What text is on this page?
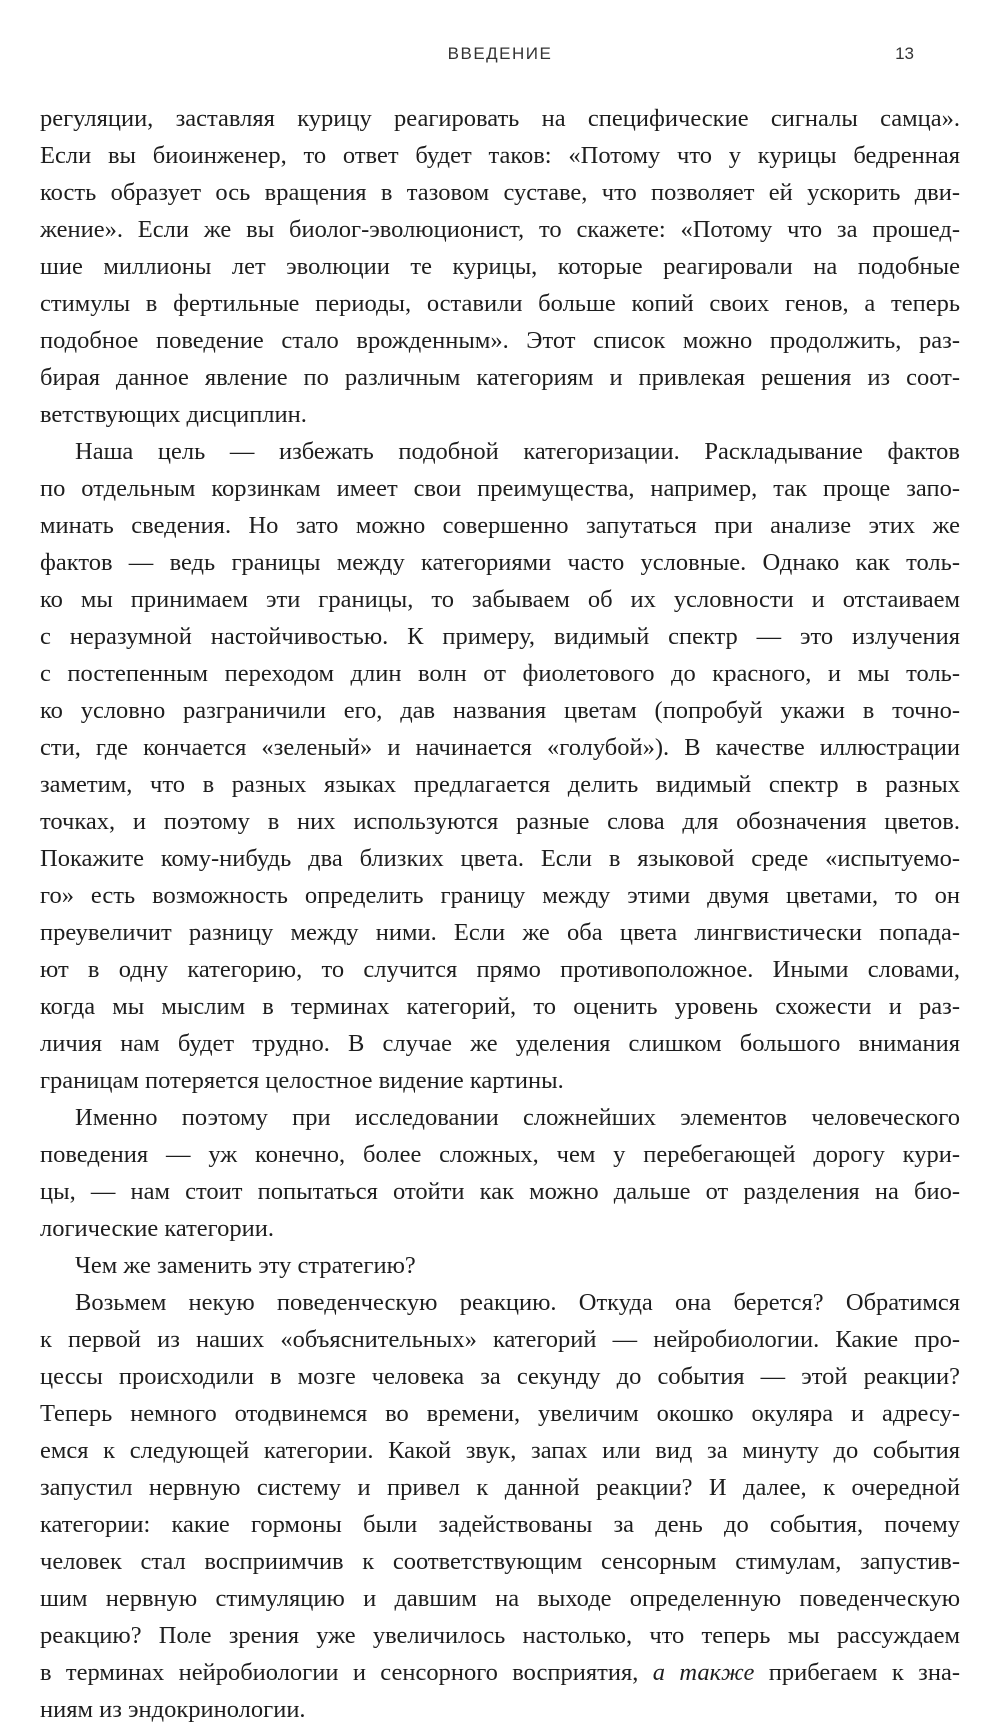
ВВЕДЕНИЕ	13
регуляции, заставляя курицу реагировать на специфические сигналы самца».
Если вы биоинженер, то ответ будет таков: «Потому что у курицы бедренная
кость образует ось вращения в тазовом суставе, что позволяет ей ускорить дви-
жение». Если же вы биолог-эволюционист, то скажете: «Потому что за прошед-
шие миллионы лет эволюции те курицы, которые реагировали на подобные
стимулы в фертильные периоды, оставили больше копий своих генов, а теперь
подобное поведение стало врожденным». Этот список можно продолжить, раз-
бирая данное явление по различным категориям и привлекая решения из соот-
ветствующих дисциплин.
Наша цель — избежать подобной категоризации. Раскладывание фактов
по отдельным корзинкам имеет свои преимущества, например, так проще запо-
минать сведения. Но зато можно совершенно запутаться при анализе этих же
фактов — ведь границы между категориями часто условные. Однако как толь-
ко мы принимаем эти границы, то забываем об их условности и отстаиваем
с неразумной настойчивостью. К примеру, видимый спектр — это излучения
с постепенным переходом длин волн от фиолетового до красного, и мы толь-
ко условно разграничили его, дав названия цветам (попробуй укажи в точно-
сти, где кончается «зеленый» и начинается «голубой»). В качестве иллюстрации
заметим, что в разных языках предлагается делить видимый спектр в разных
точках, и поэтому в них используются разные слова для обозначения цветов.
Покажите кому-нибудь два близких цвета. Если в языковой среде «испытуемо-
го» есть возможность определить границу между этими двумя цветами, то он
преувеличит разницу между ними. Если же оба цвета лингвистически попада-
ют в одну категорию, то случится прямо противоположное. Иными словами,
когда мы мыслим в терминах категорий, то оценить уровень схожести и раз-
личия нам будет трудно. В случае же уделения слишком большого внимания
границам потеряется целостное видение картины.
Именно поэтому при исследовании сложнейших элементов человеческого
поведения — уж конечно, более сложных, чем у перебегающей дорогу кури-
цы, — нам стоит попытаться отойти как можно дальше от разделения на био-
логические категории.
Чем же заменить эту стратегию?
Возьмем некую поведенческую реакцию. Откуда она берется? Обратимся
к первой из наших «объяснительных» категорий — нейробиологии. Какие про-
цессы происходили в мозге человека за секунду до события — этой реакции?
Теперь немного отодвинемся во времени, увеличим окошко окуляра и адресу-
емся к следующей категории. Какой звук, запах или вид за минуту до события
запустил нервную систему и привел к данной реакции? И далее, к очередной
категории: какие гормоны были задействованы за день до события, почему
человек стал восприимчив к соответствующим сенсорным стимулам, запустив-
шим нервную стимуляцию и давшим на выходе определенную поведенческую
реакцию? Поле зрения уже увеличилось настолько, что теперь мы рассуждаем
в терминах нейробиологии и сенсорного восприятия, а также прибегаем к зна-
ниям из эндокринологии.
